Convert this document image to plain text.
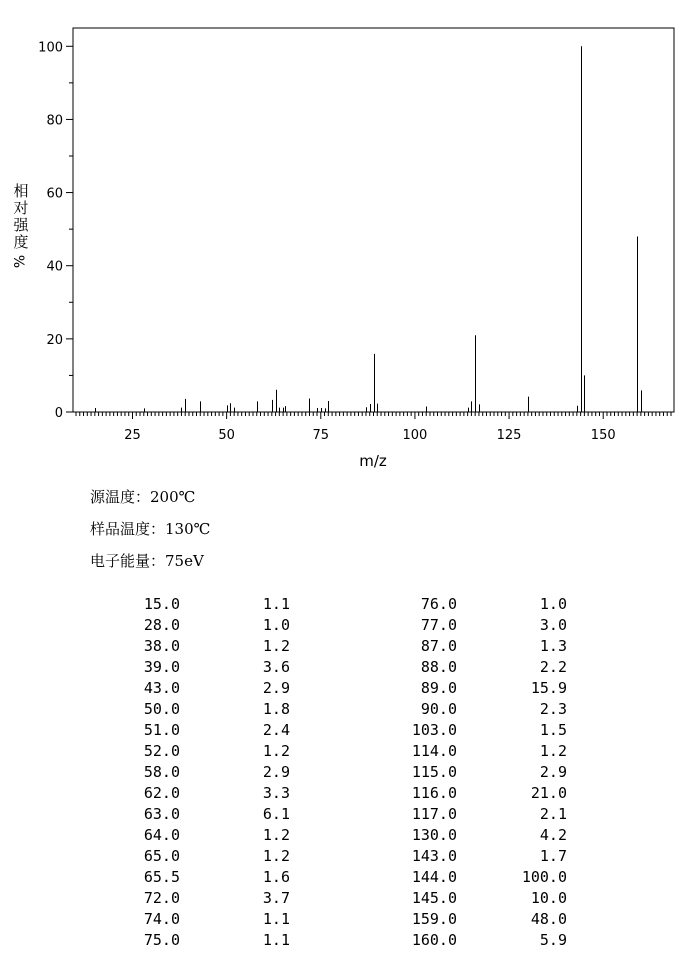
0
20
40
60
80
100
25	50	75	100	125	150
m/z
相
对
强
度
%
源温度：200℃
样品温度：130℃
电子能量：75eV
15.0	1.1	76.0	1.0
28.0	1.0	77.0	3.0
38.0	1.2	87.0	1.3
39.0	3.6	88.0	2.2
43.0	2.9	89.0	15.9
50.0	1.8	90.0	2.3
51.0	2.4	103.0	1.5
52.0	1.2	114.0	1.2
58.0	2.9	115.0	2.9
62.0	3.3	116.0	21.0
63.0	6.1	117.0	2.1
64.0	1.2	130.0	4.2
65.0	1.2	143.0	1.7
65.5	1.6	144.0	100.0
72.0	3.7	145.0	10.0
74.0	1.1	159.0	48.0
75.0	1.1	160.0	5.9
